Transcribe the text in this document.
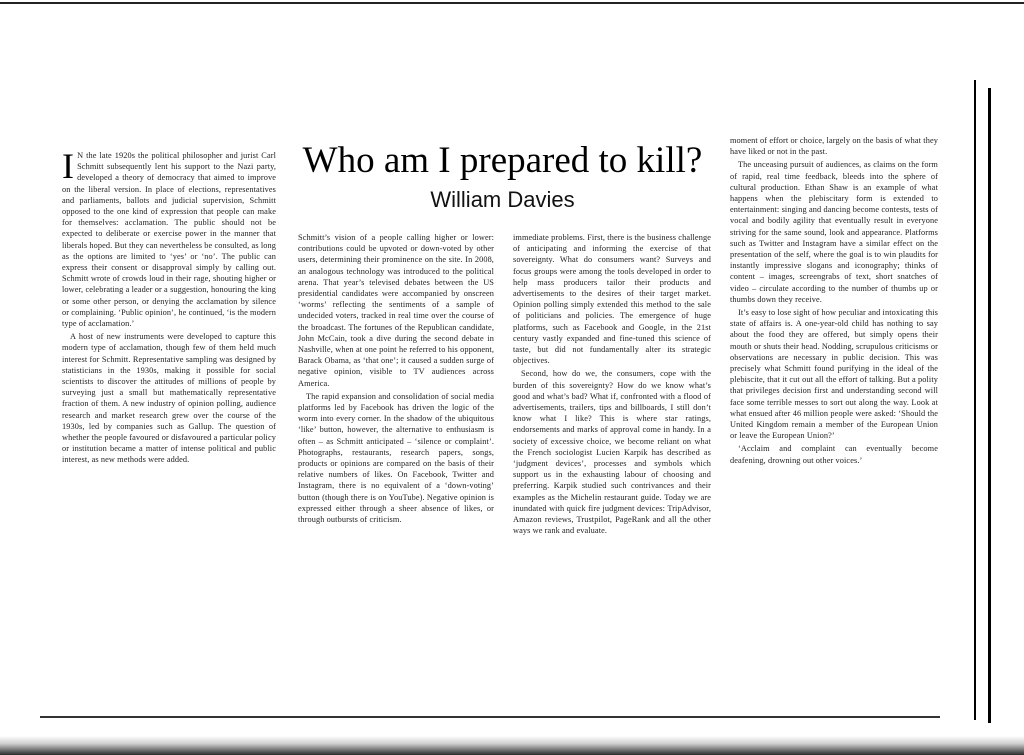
Who am I prepared to kill?
William Davies

I N the late 1920s the political philosopher and jurist Carl Schmitt subsequently lent his support to the Nazi party, developed a theory of democracy that aimed to improve on the liberal version. In place of elections, representatives and parliaments, ballots and judicial supervision, Schmitt opposed to the one kind of expression that people can make for themselves: acclamation. The public should not be expected to deliberate or exercise power in the manner that liberals hoped. But they can nevertheless be consulted, as long as the options are limited to ‘yes’ or ‘no’. The public can express their consent or disapproval simply by calling out. Schmitt wrote of crowds loud in their rage, shouting higher or lower, celebrating a leader or a suggestion, honouring the king or some other person, or denying the acclamation by silence or complaining. ‘Public opinion’, he continued, ‘is the modern type of acclamation.’

A host of new instruments were developed to capture this modern type of acclamation, though few of them held much interest for Schmitt. Representative sampling was designed by statisticians in the 1930s, making it possible for social scientists to discover the attitudes of millions of people by surveying just a small but mathematically representative fraction of them. A new industry of opinion polling, audience research and market research grew over the course of the 1930s, led by companies such as Gallup. The question of whether the people favoured or disfavoured a particular policy or institution became a matter of intense political and public interest, as new methods were added.

Schmitt’s vision of a people calling higher or lower: contributions could be upvoted or down-voted by other users, determining their prominence on the site. In 2008, an analogous technology was introduced to the political arena. That year’s televised debates between the US presidential candidates were accompanied by onscreen ‘worms’ reflecting the sentiments of a sample of undecided voters, tracked in real time over the course of the broadcast. The fortunes of the Republican candidate, John McCain, took a dive during the second debate in Nashville, when at one point he referred to his opponent, Barack Obama, as ‘that one’; it caused a sudden surge of negative opinion, visible to TV audiences across America.

The rapid expansion and consolidation of social media platforms led by Facebook has driven the logic of the worm into every corner. In the shadow of the ubiquitous ‘like’ button, however, the alternative to enthusiasm is often – as Schmitt anticipated – ‘silence or complaint’. Photographs, restaurants, research papers, songs, products or opinions are compared on the basis of their relative numbers of likes. On Facebook, Twitter and Instagram, there is no equivalent of a ‘down-voting’ button (though there is on YouTube). Negative opinion is expressed either through a sheer absence of likes, or through outbursts of criticism.

immediate problems. First, there is the business challenge of anticipating and informing the exercise of that sovereignty. What do consumers want? Surveys and focus groups were among the tools developed in order to help mass producers tailor their products and advertisements to the desires of their target market. Opinion polling simply extended this method to the sale of politicians and policies. The emergence of huge platforms, such as Facebook and Google, in the 21st century vastly expanded and fine-tuned this science of taste, but did not fundamentally alter its strategic objectives.

Second, how do we, the consumers, cope with the burden of this sovereignty? How do we know what’s good and what’s bad? What if, confronted with a flood of advertisements, trailers, tips and billboards, I still don’t know what I like? This is where star ratings, endorsements and marks of approval come in handy. In a society of excessive choice, we become reliant on what the French sociologist Lucien Karpik has described as ‘judgment devices’, processes and symbols which support us in the exhausting labour of choosing and preferring. Karpik studied such contrivances and their examples as the Michelin restaurant guide. Today we are inundated with quick fire judgment devices: TripAdvisor, Amazon reviews, Trustpilot, PageRank and all the other ways we rank and evaluate.

moment of effort or choice, largely on the basis of what they have liked or not in the past.

The unceasing pursuit of audiences, as claims on the form of rapid, real time feedback, bleeds into the sphere of cultural production. Ethan Shaw is an example of what happens when the plebiscitary form is extended to entertainment: singing and dancing become contests, tests of vocal and bodily agility that eventually result in everyone striving for the same sound, look and appearance. Platforms such as Twitter and Instagram have a similar effect on the presentation of the self, where the goal is to win plaudits for instantly impressive slogans and iconography; thinks of content – images, screengrabs of text, short snatches of video – circulate according to the number of thumbs up or thumbs down they receive.

It’s easy to lose sight of how peculiar and intoxicating this state of affairs is. A one-year-old child has nothing to say about the food they are offered, but simply opens their mouth or shuts their head. Nodding, scrupulous criticisms or observations are necessary in public decision. This was precisely what Schmitt found purifying in the ideal of the plebiscite, that it cut out all the effort of talking. But a polity that privileges decision first and understanding second will face some terrible messes to sort out along the way. Look at what ensued after 46 million people were asked: ‘Should the United Kingdom remain a member of the European Union or leave the European Union?’

‘Acclaim and complaint can eventually become deafening, drowning out other voices.’
